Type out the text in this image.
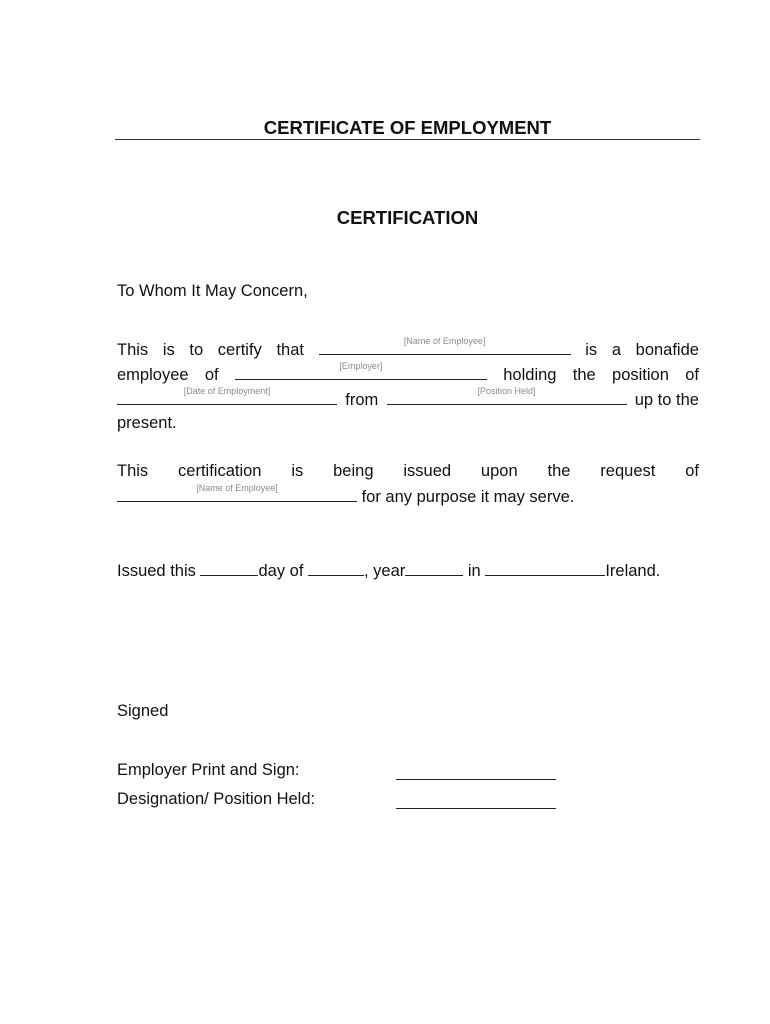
CERTIFICATE OF EMPLOYMENT
CERTIFICATION
To Whom It May Concern,
This is to certify that	[Name of Employee]	is a bonafide
employee of	[Employer]	holding the position of
[Date of Employment]	from	[Position Held]	up to the
present.
This certification is being issued upon the request of
[Name of Employee]	for any purpose it may serve.
Issued this	day of	, year	in	Ireland.
Signed
Employer Print and Sign:
Designation/ Position Held:
